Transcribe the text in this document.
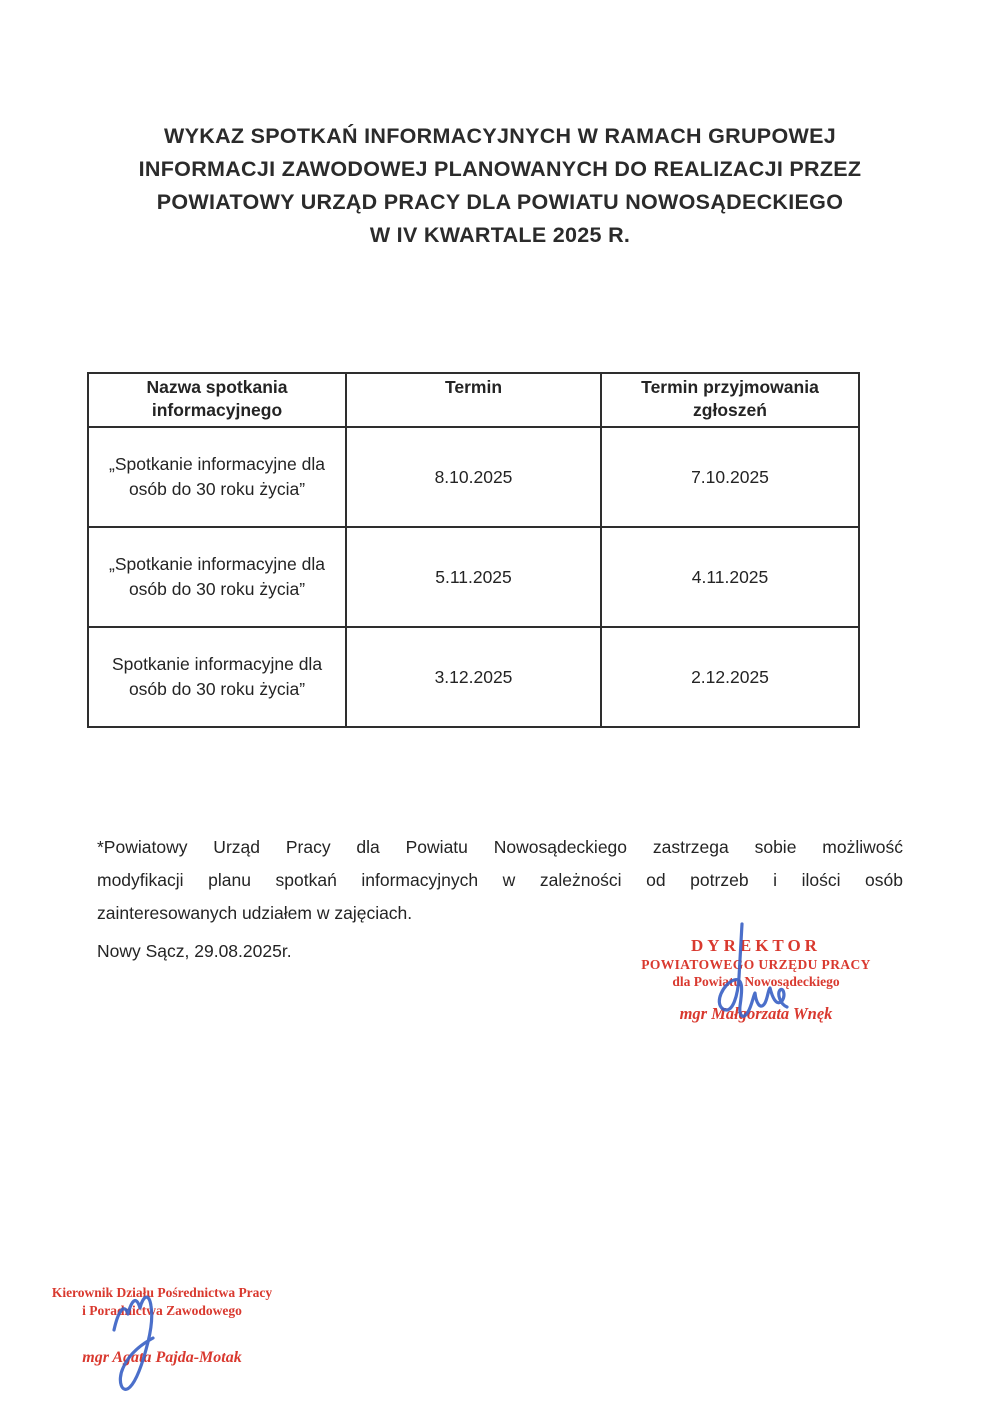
WYKAZ SPOTKAŃ INFORMACYJNYCH W RAMACH GRUPOWEJ
INFORMACJI ZAWODOWEJ PLANOWANYCH DO REALIZACJI PRZEZ
POWIATOWY URZĄD PRACY DLA POWIATU NOWOSĄDECKIEGO
W IV KWARTALE 2025 R.
Nazwa spotkania informacyjnego	Termin	Termin przyjmowania zgłoszeń
„Spotkanie informacyjne dla osób do 30 roku życia”	8.10.2025	7.10.2025
„Spotkanie informacyjne dla osób do 30 roku życia”	5.11.2025	4.11.2025
Spotkanie informacyjne dla osób do 30 roku życia”	3.12.2025	2.12.2025
*Powiatowy Urząd Pracy dla Powiatu Nowosądeckiego zastrzega sobie możliwość
modyfikacji planu spotkań informacyjnych w zależności od potrzeb i ilości osób
zainteresowanych udziałem w zajęciach.
Nowy Sącz, 29.08.2025r.	DYREKTOR
POWIATOWEGO URZĘDU PRACY
dla Powiatu Nowosądeckiego
mgr Małgorzata Wnęk
Kierownik Działu Pośrednictwa Pracy
i Poradnictwa Zawodowego
mgr Agata Pajda-Motak
